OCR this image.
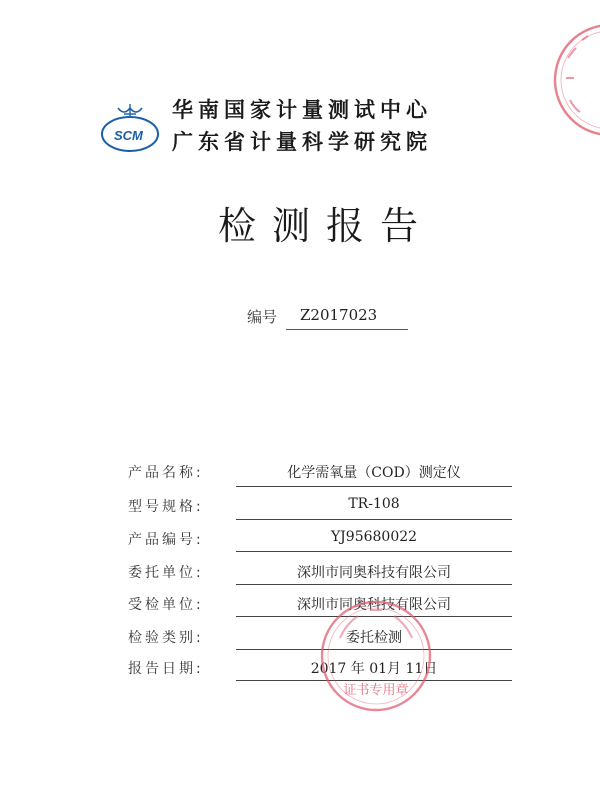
SCM
华南国家计量测试中心
广东省计量科学研究院
检测报告
编号 Z2017023
产品名称:	化学需氧量（COD）测定仪
型号规格:	TR-108
产品编号:	YJ95680022
委托单位:	深圳市同奥科技有限公司
受检单位:	深圳市同奥科技有限公司
检验类别:	委托检测
报告日期:	2017 年 01月 11日
证书专用章
